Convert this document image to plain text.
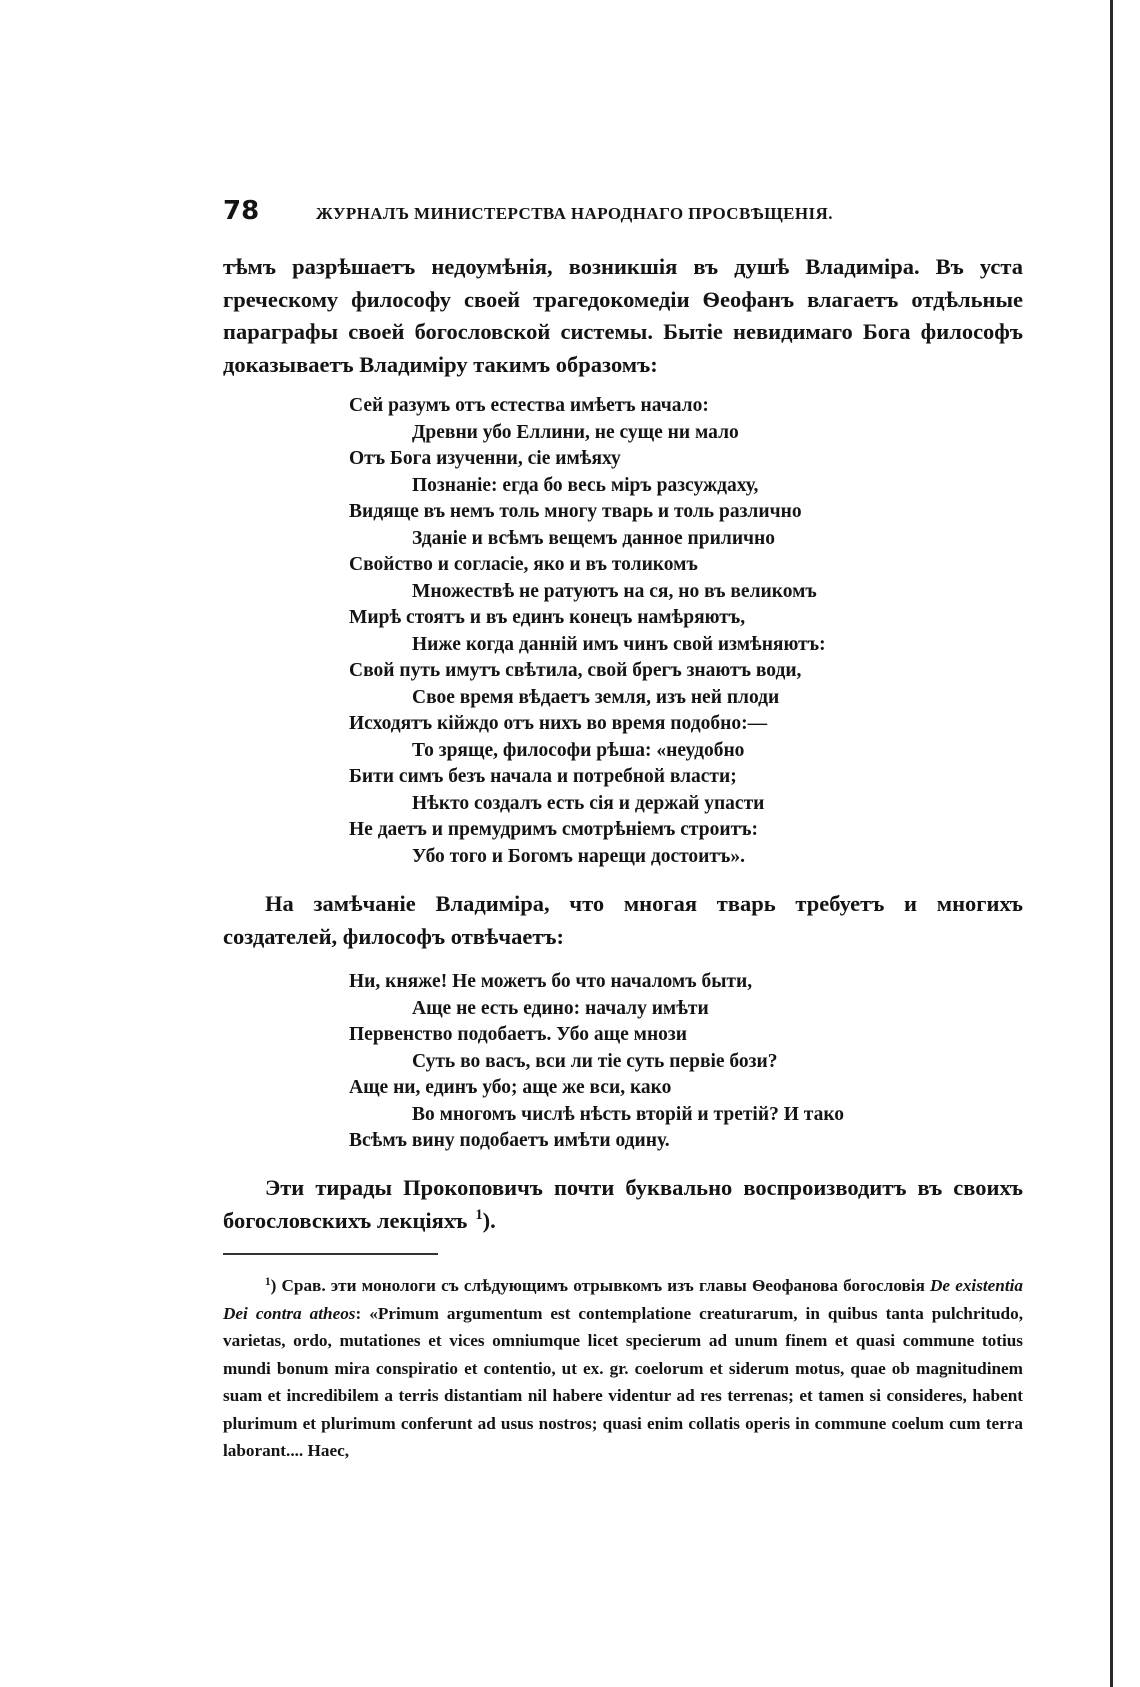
78	ЖУРНАЛЪ МИНИСТЕРСТВА НАРОДНАГО ПРОСВѢЩЕНІЯ.

тѣмъ разрѣшаетъ недоумѣнія, возникшія въ душѣ Владиміра. Въ уста греческому философу своей трагедокомедіи Ѳеофанъ влагаетъ отдѣльные параграфы своей богословской системы. Бытіе невидимаго Бога философъ доказываетъ Владиміру такимъ образомъ:

Сей разумъ отъ естества имѣетъ начало:
Древни убо Еллини, не суще ни мало
Отъ Бога изученни, сіе имѣяху
Познаніе: егда бо весь міръ разсуждаху,
Видяще въ немъ толь многу тварь и толь различно
Зданіе и всѣмъ вещемъ данное прилично
Свойство и согласіе, яко и въ толикомъ
Множествѣ не ратуютъ на ся, но въ великомъ
Мирѣ стоятъ и въ единъ конецъ намѣряютъ,
Ниже когда данній имъ чинъ свой измѣняютъ:
Свой путь имутъ свѣтила, свой брегъ знаютъ води,
Свое время вѣдаетъ земля, изъ ней плоди
Исходятъ кійждо отъ нихъ во время подобно:—
То зряще, философи рѣша: «неудобно
Бити симъ безъ начала и потребной власти;
Нѣкто создалъ есть сія и держай упасти
Не даетъ и премудримъ смотрѣніемъ строитъ:
Убо того и Богомъ нарещи достоитъ».

На замѣчаніе Владиміра, что многая тварь требуетъ и многихъ создателей, философъ отвѣчаетъ:

Ни, княже! Не можетъ бо что началомъ быти,
Аще не есть едино: началу имѣти
Первенство подобаетъ. Убо аще мнози
Суть во васъ, вси ли тіе суть первіе бози?
Аще ни, единъ убо; аще же вси, како
Во многомъ числѣ нѣсть вторій и третій? И тако
Всѣмъ вину подобаетъ имѣти одину.

Эти тирады Прокоповичъ почти буквально воспроизводитъ въ своихъ богословскихъ лекціяхъ $^1$).

$^1$) Срав. эти монологи съ слѣдующимъ отрывкомъ изъ главы Ѳеофанова богословія De existentia Dei contra atheos: «Primum argumentum est contemplatione creaturarum, in quibus tanta pulchritudo, varietas, ordo, mutationes et vices omniumque licet specierum ad unum finem et quasi commune totius mundi bonum mira conspiratio et contentio, ut ex. gr. coelorum et siderum motus, quae ob magnitudinem suam et incredibilem a terris distantiam nil habere videntur ad res terrenas; et tamen si consideres, habent plurimum et plurimum conferunt ad usus nostros; quasi enim collatis operis in commune coelum cum terra laborant.... Haec,
